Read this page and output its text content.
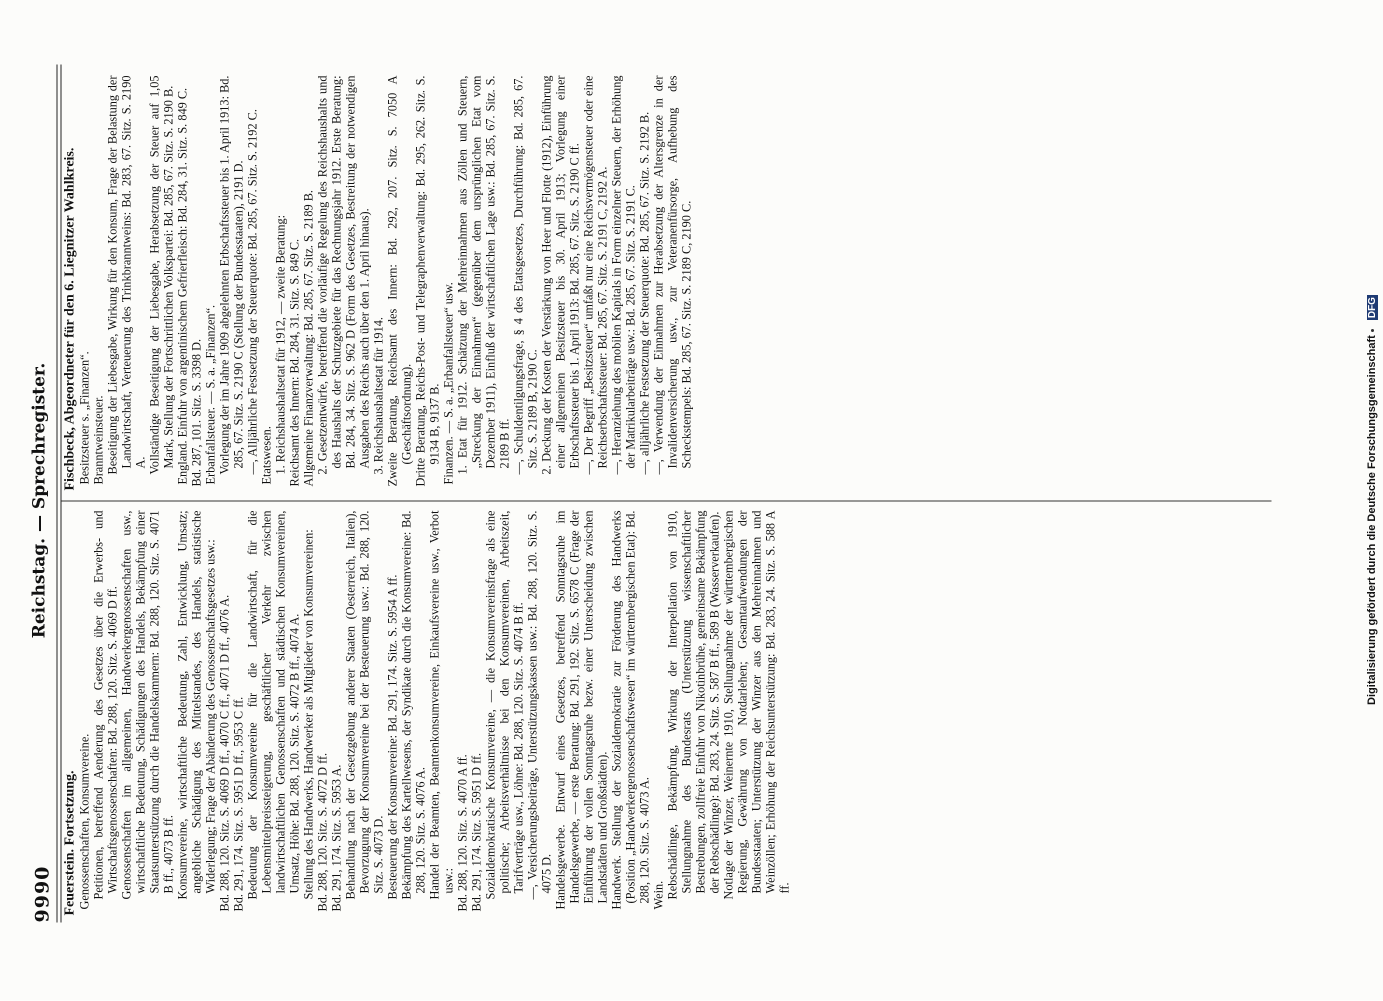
9990
Reichstag. — Sprechregister.
Feuerstein. Fortsetzung. Genossenschaften, Konsumvereine. Petitionen, betreffend Aenderung des Gesetzes über die Erwerbs- und Wirtschaftsgenossenschaften: Bd. 288, 120. Sitz. S. 4069 D ff. Genossenschaften im allgemeinen, Handwerkergenossenschaften usw., wirtschaftliche Bedeutung, Schädigungen des Handels, Bekämpfung einer Staatsunterstützung durch die Handelskammern: Bd. 288, 120. Sitz. S. 4071 B ff., 4073 B ff. Konsumvereine, wirtschaftliche Bedeutung, Zahl, Entwicklung, Umsatz; angebliche Schädigung des Mittelstandes, des Handels, statistische Widerlegung; Frage der Abänderung des Genossenschaftsgesetzes usw.: Bd. 288, 120. Sitz. S. 4069 D ff., 4070 C ff., 4071 D ff., 4076 A. Bd. 291, 174. Sitz. S. 5951 D ff., 5953 C ff. Bedeutung der Konsumvereine für die Landwirtschaft, für die Lebensmittelpreissteigerung, geschäftlicher Verkehr zwischen landwirtschaftlichen Genossenschaften und städtischen Konsumvereinen, Umsatz, Höhe: Bd. 288, 120. Sitz. S. 4072 B ff., 4074 A. Stellung des Handwerks, Handwerker als Mitglieder von Konsumvereinen: Bd. 288, 120. Sitz. S. 4072 D ff. Bd. 291, 174. Sitz. S. 5953 A. Behandlung nach der Gesetzgebung anderer Staaten (Oesterreich, Italien), Bevorzugung der Konsumvereine bei der Besteuerung usw.: Bd. 288, 120. Sitz. S. 4073 D. Besteuerung der Konsumvereine: Bd. 291, 174. Sitz. S. 5954 A ff. Bekämpfung des Kartellwesens, der Syndikate durch die Konsumvereine: Bd. 288, 120. Sitz. S. 4076 A. Handel der Beamten, Beamtenkonsumvereine, Einkaufsvereine usw., Verbot usw.: Bd. 288, 120. Sitz. S. 4070 A ff. Bd. 291, 174. Sitz. S. 5951 D ff. Sozialdemokratische Konsumvereine, — die Konsumvereinsfrage als eine politische; Arbeitsverhältnisse bei den Konsumvereinen, Arbeitszeit, Tarifverträge usw., Löhne: Bd. 288, 120. Sitz. S. 4074 B ff. —, Versicherungsbeiträge, Unterstützungskassen usw.: Bd. 288, 120. Sitz. S. 4075 D. Handelsgewerbe. Entwurf eines Gesetzes, betreffend Sonntagsruhe im Handelsgewerbe, — erste Beratung: Bd. 291, 192. Sitz. S. 6578 C (Frage der Einführung der vollen Sonntagsruhe bezw. einer Unterscheidung zwischen Landstädten und Großstädten). Handwerk. Stellung der Sozialdemokratie zur Förderung des Handwerks (Position „Handwerkergenossenschaftswesen“ im württembergischen Etat): Bd. 288, 120. Sitz. S. 4073 A. Wein. Rebschädlinge, Bekämpfung, Wirkung der Interpellation von 1910, Stellungnahme des Bundesrats (Unterstützung wissenschaftlicher Bestrebungen, zollfreie Einfuhr von Nikotinbrühe, gemeinsame Bekämpfung der Rebschädlinge): Bd. 283, 24. Sitz. S. 587 B ff., 589 B (Wasserverkaufen). Notlage der Winzer, Weinernte 1910, Stellungnahme der württembergischen Regierung, Gewährung von Notdarlehen; Gesamtaufwendungen der Bundesstaaten; Unterstützung der Winzer aus den Mehreinnahmen und Weinzöllen; Erhöhung der Reichsunterstützung: Bd. 283, 24. Sitz. S. 588 A ff.
Fischbeck, Abgeordneter für den 6. Liegnitzer Wahlkreis. Besitzsteuer s. „Finanzen“. Branntweinsteuer. Beseitigung der Liebesgabe, Wirkung für den Konsum, Frage der Belastung der Landwirtschaft, Verteuerung des Trinkbranntweins: Bd. 283, 67. Sitz. S. 2190 A. Vollständige Beseitigung der Liebesgabe, Herabsetzung der Steuer auf 1,05 Mark, Stellung der Fortschrittlichen Volkspartei: Bd. 285, 67. Sitz. S. 2190 B. England. Einfuhr von argentinischem Gefrierfleisch: Bd. 284, 31. Sitz. S. 849 C. Bd. 287, 101. Sitz. S. 3398 D. Erbanfallsteuer. — S. a. „Finanzen“. Vorlegung der im Jahre 1909 abgelehnten Erbschaftssteuer bis 1. April 1913: Bd. 285, 67. Sitz. S. 2190 C (Stellung der Bundesstaaten), 2191 D. —, Alljährliche Festsetzung der Steuerquote: Bd. 285, 67. Sitz. S. 2192 C. Etatswesen. 1. Reichshaushaltsetat für 1912, — zweite Beratung: Reichsamt des Innern: Bd. 284, 31. Sitz. S. 849 C. Allgemeine Finanzverwaltung: Bd. 285, 67. Sitz. S. 2189 B. 2. Gesetzentwürfe, betreffend die vorläufige Regelung des Reichshaushalts und des Haushalts der Schutzgebiete für das Rechnungsjahr 1912. Erste Beratung: Bd. 284, 34. Sitz. S. 962 D (Form des Gesetzes, Bestreitung der notwendigen Ausgaben des Reichs auch über den 1. April hinaus). 3. Reichshaushaltsetat für 1914. Zweite Beratung, Reichsamt des Innern: Bd. 292, 207. Sitz. S. 7050 A (Geschäftsordnung). Dritte Beratung, Reichs-Post- und Telegraphenverwaltung: Bd. 295, 262. Sitz. S. 9134 B, 9137 B. Finanzen. — S. a. „Erbanfallsteuer“ usw. 1. Etat für 1912. Schätzung der Mehreinnahmen aus Zöllen und Steuern, „Streckung der Einnahmen“ (gegenüber dem ursprünglichen Etat vom Dezember 1911), Einfluß der wirtschaftlichen Lage usw.: Bd. 285, 67. Sitz. S. 2189 B ff. —, Schuldentilgungsfrage, § 4 des Etatsgesetzes, Durchführung: Bd. 285, 67. Sitz. S. 2189 B, 2190 C. 2. Deckung der Kosten der Verstärkung von Heer und Flotte (1912), Einführung einer allgemeinen Besitzsteuer bis 30. April 1913; Vorlegung einer Erbschaftssteuer bis 1. April 1913: Bd. 285, 67. Sitz. S. 2190 C ff. —, Der Begriff „Besitzsteuer“ umfaßt nur eine Reichsvermögensteuer oder eine Reichserbschaftssteuer: Bd. 285, 67. Sitz. S. 2191 C, 2192 A. —, Heranziehung des mobilen Kapitals in Form einzelner Steuern, der Erhöhung der Matrikularbeiträge usw.: Bd. 285, 67. Sitz. S. 2191 C. —, alljährliche Festsetzung der Steuerquote: Bd. 285, 67. Sitz. S. 2192 B. —, Verwendung der Einnahmen zur Herabsetzung der Altersgrenze in der Invalidenversicherung usw., zur Veteranenfürsorge, Aufhebung des Scheckstempels: Bd. 285, 67. Sitz. S. 2189 C, 2190 C.
Digitalisierung gefördert durch die Deutsche Forschungsgemeinschaft
DFG
